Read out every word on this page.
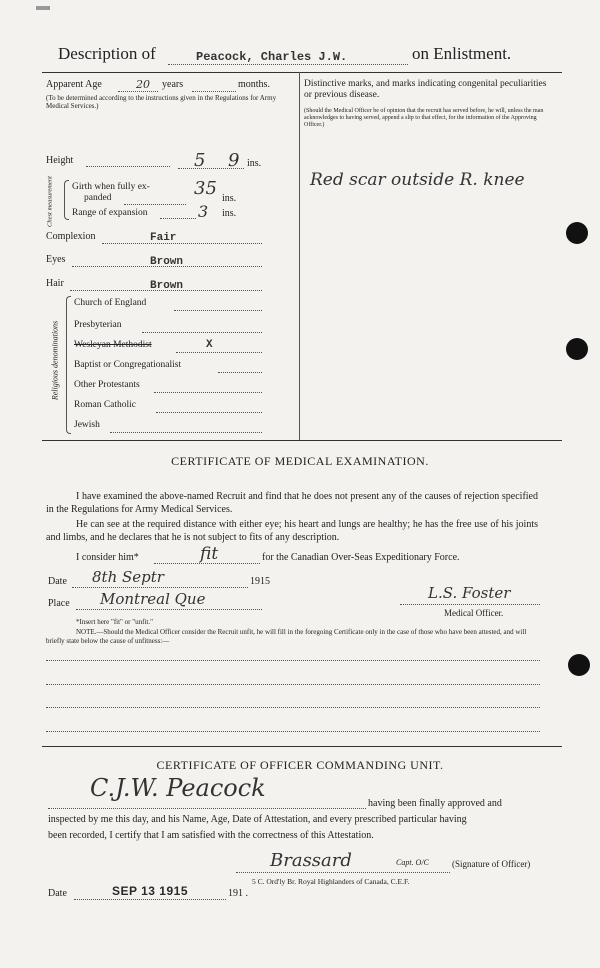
Description of	Peacock, Charles J.W.	on Enlistment.
Apparent Age	20 years	months.
(To be determined according to the instructions given in the Regulations for Army Medical Services.)
Distinctive marks, and marks indicating congenital peculiarities or previous disease.
(Should the Medical Officer be of opinion that the recruit has served before, he will, unless the man acknowledges to having served, append a slip to that effect, for the information of the Approving Officer.)
Red scar outside R. knee
Height	5 9 ins.
Chest measurement Girth when fully ex-
panded	35 ins.
Range of expansion	3 ins.
Complexion	Fair
Eyes	Brown
Hair	Brown
Religious denominations
Church of England
Presbyterian
Wesleyan Methodist	X
Baptist or Congregationalist
Other Protestants
Roman Catholic
Jewish
CERTIFICATE OF MEDICAL EXAMINATION.
I have examined the above-named Recruit and find that he does not present any of the causes of rejection specified in the Regulations for Army Medical Services.
He can see at the required distance with either eye; his heart and lungs are healthy; he has the free use of his joints and limbs, and he declares that he is not subject to fits of any description.
I consider him*	fit	for the Canadian Over-Seas Expeditionary Force.
Date 8th Septr	1915
Place Montreal Que	L.S. Foster
Medical Officer.
*Insert here "fit" or "unfit."
NOTE.—Should the Medical Officer consider the Recruit unfit, he will fill in the foregoing Certificate only in the case of those who have been attested, and will briefly state below the cause of unfitness:—
CERTIFICATE OF OFFICER COMMANDING UNIT.
C.J.W. Peacock
having been finally approved and
inspected by me this day, and his Name, Age, Date of Attestation, and every prescribed particular having
been recorded, I certify that I am satisfied with the correctness of this Attestation.
Brassard	Capt. O/C	(Signature of Officer)
5 C. Ord'ly Br. Royal Highlanders of Canada, C.E.F.
Date	SEP 13 1915	191 .
